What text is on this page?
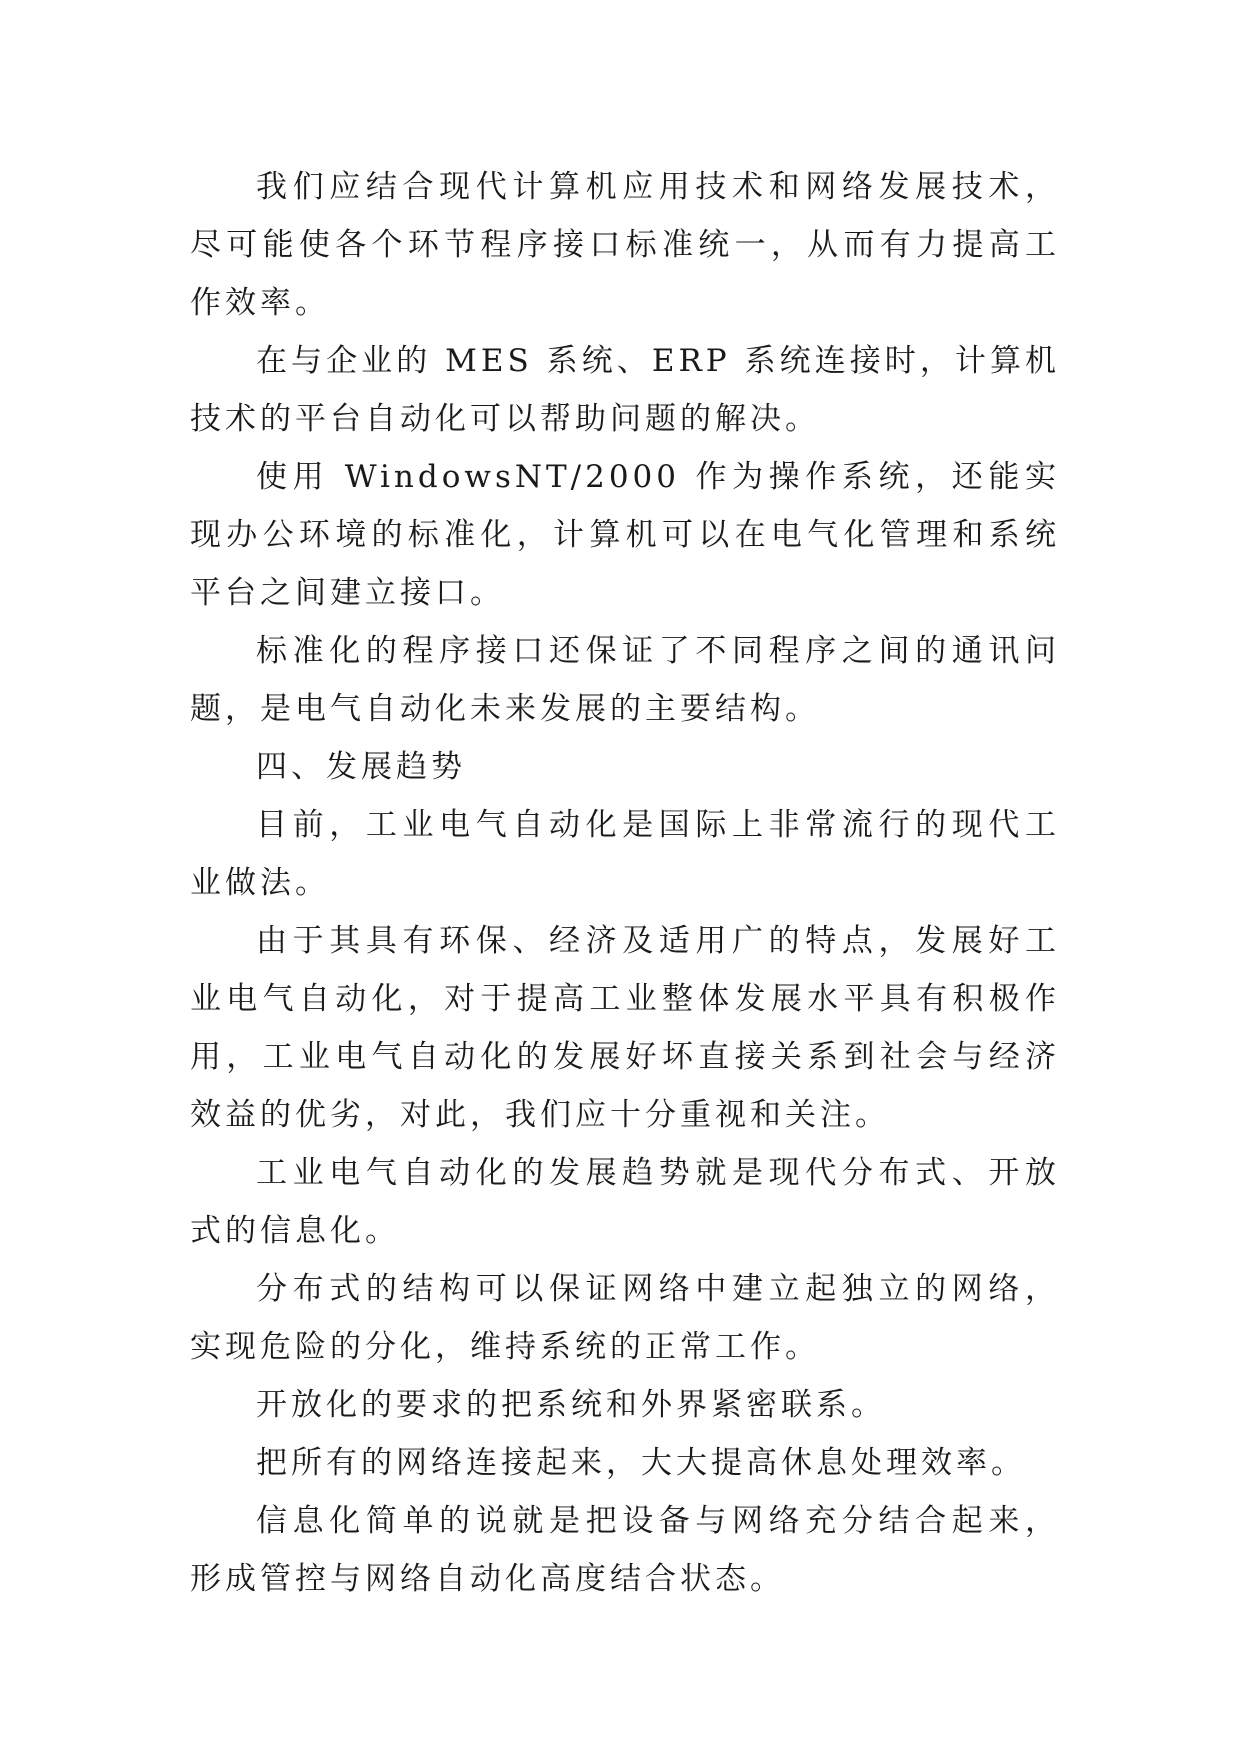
我们应结合现代计算机应用技术和网络发展技术，尽可能使各个环节程序接口标准统一，从而有力提高工作效率。

在与企业的 MES 系统、ERP 系统连接时，计算机技术的平台自动化可以帮助问题的解决。

使用 WindowsNT/2000 作为操作系统，还能实现办公环境的标准化，计算机可以在电气化管理和系统平台之间建立接口。

标准化的程序接口还保证了不同程序之间的通讯问题，是电气自动化未来发展的主要结构。

四、发展趋势

目前，工业电气自动化是国际上非常流行的现代工业做法。

由于其具有环保、经济及适用广的特点，发展好工业电气自动化，对于提高工业整体发展水平具有积极作用，工业电气自动化的发展好坏直接关系到社会与经济效益的优劣，对此，我们应十分重视和关注。

工业电气自动化的发展趋势就是现代分布式、开放式的信息化。

分布式的结构可以保证网络中建立起独立的网络，实现危险的分化，维持系统的正常工作。

开放化的要求的把系统和外界紧密联系。

把所有的网络连接起来，大大提高休息处理效率。

信息化简单的说就是把设备与网络充分结合起来，形成管控与网络自动化高度结合状态。
